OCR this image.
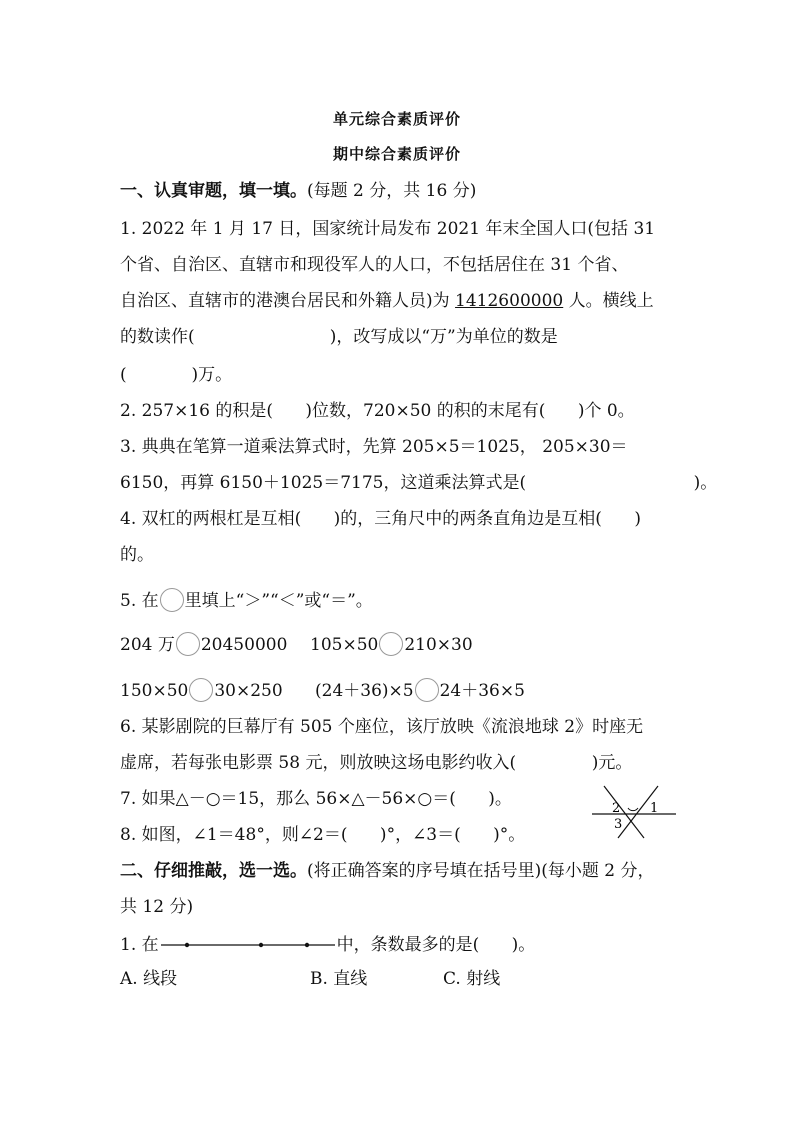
单元综合素质评价
期中综合素质评价
一、认真审题，填一填。(每题 2 分，共 16 分)
1. 2022 年 1 月 17 日，国家统计局发布 2021 年末全国人口(包括 31
个省、自治区、直辖市和现役军人的人口，不包括居住在 31 个省、
自治区、直辖市的港澳台居民和外籍人员)为 1412600000 人。横线上
的数读作(                         )，改写成以“万”为单位的数是
(            )万。
2. 257×16 的积是(      )位数，720×50 的积的末尾有(      )个 0。
3. 典典在笔算一道乘法算式时，先算 205×5＝1025， 205×30＝
6150，再算 6150＋1025＝7175，这道乘法算式是(                               )。
4. 双杠的两根杠是互相(      )的，三角尺中的两条直角边是互相(      )
的。
5. 在 里填上“＞”“＜”或“＝”。
204 万 20450000 105×50 210×30
150×50 30×250 (24＋36)×5 24＋36×5
6. 某影剧院的巨幕厅有 505 个座位，该厅放映《流浪地球 2》时座无
虚席，若每张电影票 58 元，则放映这场电影约收入(              )元。
7. 如果△－○＝15，那么 56×△－56×○＝(      )。
8. 如图，∠1＝48°，则∠2＝(      )°，∠3＝(      )°。
2 1
3
二、仔细推敲，选一选。(将正确答案的序号填在括号里)(每小题 2 分，
共 12 分)
1. 在	中，条数最多的是(      )。
A. 线段	B. 直线	C. 射线
